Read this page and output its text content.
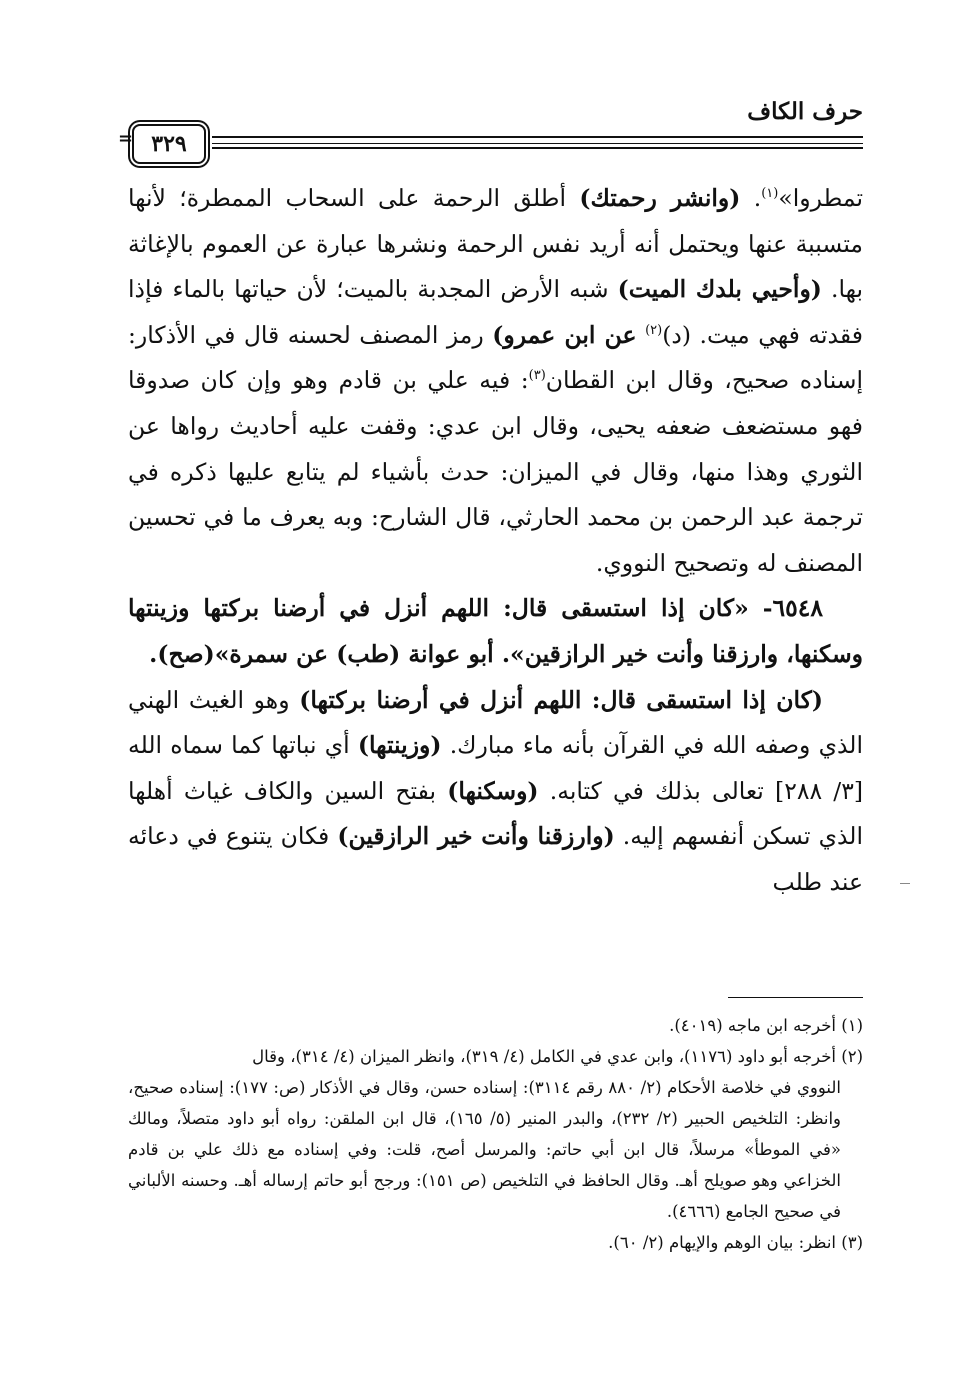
حرف الكاف
٣٢٩
=

تمطروا»$^{(١)}$. (وانشر رحمتك) أطلق الرحمة على السحاب الممطرة؛ لأنها متسببة عنها ويحتمل أنه أريد نفس الرحمة ونشرها عبارة عن العموم بالإغاثة بها. (وأحيي بلدك الميت) شبه الأرض المجدبة بالميت؛ لأن حياتها بالماء فإذا فقدته فهي ميت. (د)$^{(٢)}$ عن ابن عمرو) رمز المصنف لحسنه قال في الأذكار: إسناده صحيح، وقال ابن القطان$^{(٣)}$: فيه علي بن قادم وهو وإن كان صدوقا فهو مستضعف ضعفه يحيى، وقال ابن عدي: وقفت عليه أحاديث رواها عن الثوري وهذا منها، وقال في الميزان: حدث بأشياء لم يتابع عليها ذكره في ترجمة عبد الرحمن بن محمد الحارثي، قال الشارح: وبه يعرف ما في تحسين المصنف له وتصحيح النووي.

٦٥٤٨- «كان إذا استسقى قال: اللهم أنزل في أرضنا بركتها وزينتها وسكنها، وارزقنا وأنت خير الرازقين». أبو عوانة (طب) عن سمرة»(صح).

(كان إذا استسقى قال: اللهم أنزل في أرضنا بركتها) وهو الغيث الهني الذي وصفه الله في القرآن بأنه ماء مبارك. (وزينتها) أي نباتها كما سماه الله [٣/ ٢٨٨] تعالى بذلك في كتابه. (وسكنها) بفتح السين والكاف غياث أهلها الذي تسكن أنفسهم إليه. (وارزقنا وأنت خير الرازقين) فكان يتنوع في دعائه عند طلب

(١) أخرجه ابن ماجه (٤٠١٩).

(٢) أخرجه أبو داود (١١٧٦)، وابن عدي في الكامل (٤/ ٣١٩)، وانظر الميزان (٤/ ٣١٤)، وقال

النووي في خلاصة الأحكام (٢/ ٨٨٠ رقم ٣١١٤): إسناده حسن، وقال في الأذكار (ص: ١٧٧): إسناده صحيح، وانظر: التلخيص الحبير (٢/ ٢٣٢)، والبدر المنير (٥/ ١٦٥)، قال ابن الملقن: رواه أبو داود متصلاً، ومالك «في الموطأ» مرسلاً، قال ابن أبي حاتم: والمرسل أصح، قلت: وفي إسناده مع ذلك علي بن قادم الخزاعي وهو صويلح أهـ. وقال الحافظ في التلخيص (ص ١٥١): ورجح أبو حاتم إرساله أهـ. وحسنه الألباني في صحيح الجامع (٤٦٦٦).

(٣) انظر: بيان الوهم والإيهام (٢/ ٦٠).
